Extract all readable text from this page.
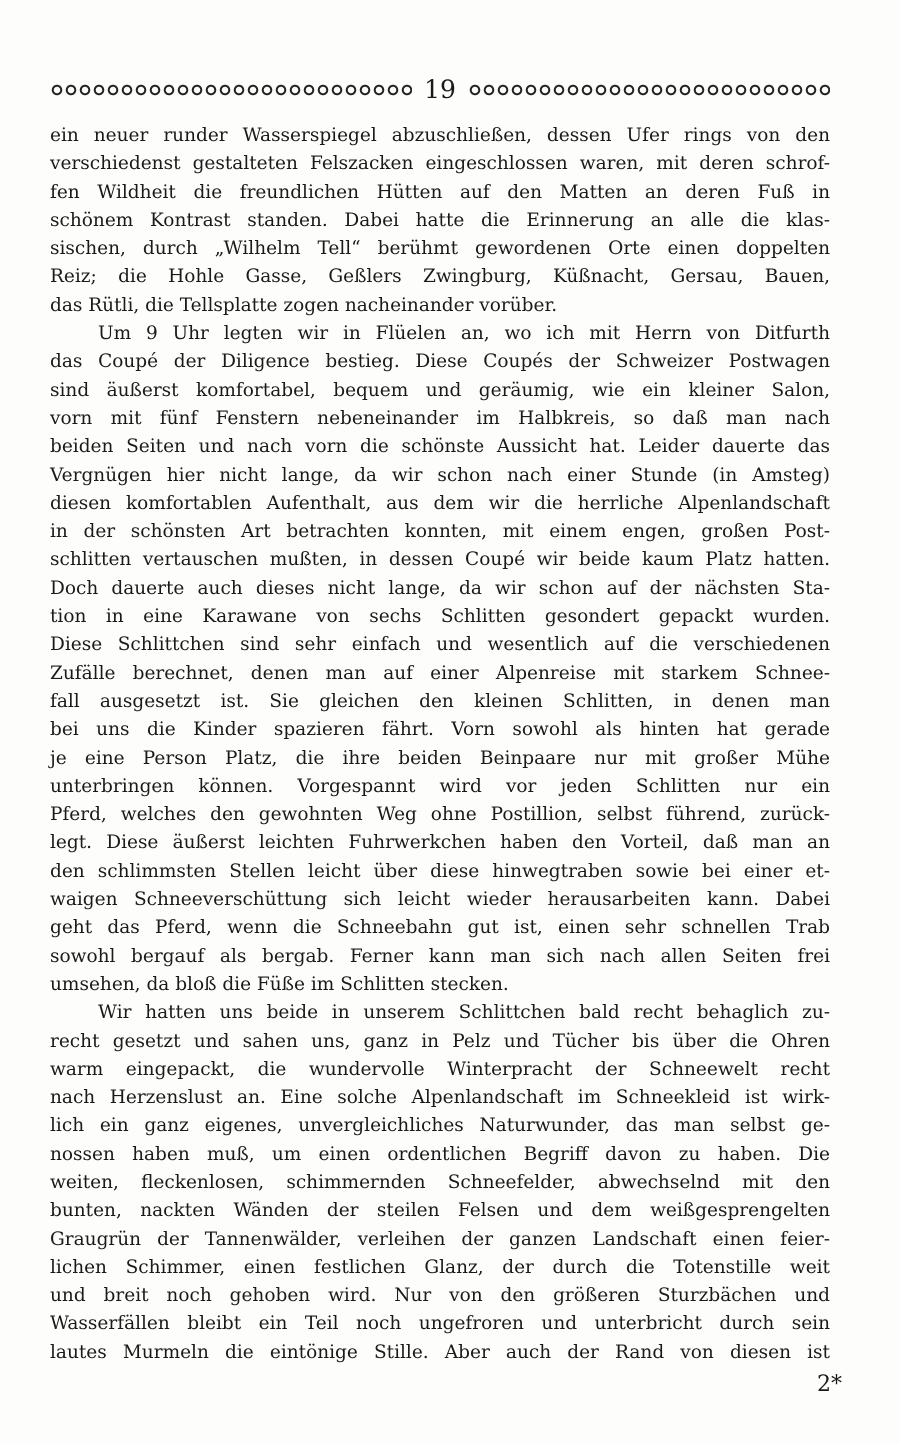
19

ein neuer runder Wasserspiegel abzuschließen, dessen Ufer rings von den

verschiedenst gestalteten Felszacken eingeschlossen waren, mit deren schrof-

fen Wildheit die freundlichen Hütten auf den Matten an deren Fuß in

schönem Kontrast standen. Dabei hatte die Erinnerung an alle die klas-

sischen, durch „Wilhelm Tell“ berühmt gewordenen Orte einen doppelten

Reiz; die Hohle Gasse, Geßlers Zwingburg, Küßnacht, Gersau, Bauen,

das Rütli, die Tellsplatte zogen nacheinander vorüber.

Um 9 Uhr legten wir in Flüelen an, wo ich mit Herrn von Ditfurth

das Coupé der Diligence bestieg. Diese Coupés der Schweizer Postwagen

sind äußerst komfortabel, bequem und geräumig, wie ein kleiner Salon,

vorn mit fünf Fenstern nebeneinander im Halbkreis, so daß man nach

beiden Seiten und nach vorn die schönste Aussicht hat. Leider dauerte das

Vergnügen hier nicht lange, da wir schon nach einer Stunde (in Amsteg)

diesen komfortablen Aufenthalt, aus dem wir die herrliche Alpenlandschaft

in der schönsten Art betrachten konnten, mit einem engen, großen Post-

schlitten vertauschen mußten, in dessen Coupé wir beide kaum Platz hatten.

Doch dauerte auch dieses nicht lange, da wir schon auf der nächsten Sta-

tion in eine Karawane von sechs Schlitten gesondert gepackt wurden.

Diese Schlittchen sind sehr einfach und wesentlich auf die verschiedenen

Zufälle berechnet, denen man auf einer Alpenreise mit starkem Schnee-

fall ausgesetzt ist. Sie gleichen den kleinen Schlitten, in denen man

bei uns die Kinder spazieren fährt. Vorn sowohl als hinten hat gerade

je eine Person Platz, die ihre beiden Beinpaare nur mit großer Mühe

unterbringen können. Vorgespannt wird vor jeden Schlitten nur ein

Pferd, welches den gewohnten Weg ohne Postillion, selbst führend, zurück-

legt. Diese äußerst leichten Fuhrwerkchen haben den Vorteil, daß man an

den schlimmsten Stellen leicht über diese hinwegtraben sowie bei einer et-

waigen Schneeverschüttung sich leicht wieder herausarbeiten kann. Dabei

geht das Pferd, wenn die Schneebahn gut ist, einen sehr schnellen Trab

sowohl bergauf als bergab. Ferner kann man sich nach allen Seiten frei

umsehen, da bloß die Füße im Schlitten stecken.

Wir hatten uns beide in unserem Schlittchen bald recht behaglich zu-

recht gesetzt und sahen uns, ganz in Pelz und Tücher bis über die Ohren

warm eingepackt, die wundervolle Winterpracht der Schneewelt recht

nach Herzenslust an. Eine solche Alpenlandschaft im Schneekleid ist wirk-

lich ein ganz eigenes, unvergleichliches Naturwunder, das man selbst ge-

nossen haben muß, um einen ordentlichen Begriff davon zu haben. Die

weiten, fleckenlosen, schimmernden Schneefelder, abwechselnd mit den

bunten, nackten Wänden der steilen Felsen und dem weißgesprengelten

Graugrün der Tannenwälder, verleihen der ganzen Landschaft einen feier-

lichen Schimmer, einen festlichen Glanz, der durch die Totenstille weit

und breit noch gehoben wird. Nur von den größeren Sturzbächen und

Wasserfällen bleibt ein Teil noch ungefroren und unterbricht durch sein

lautes Murmeln die eintönige Stille. Aber auch der Rand von diesen ist

2*
